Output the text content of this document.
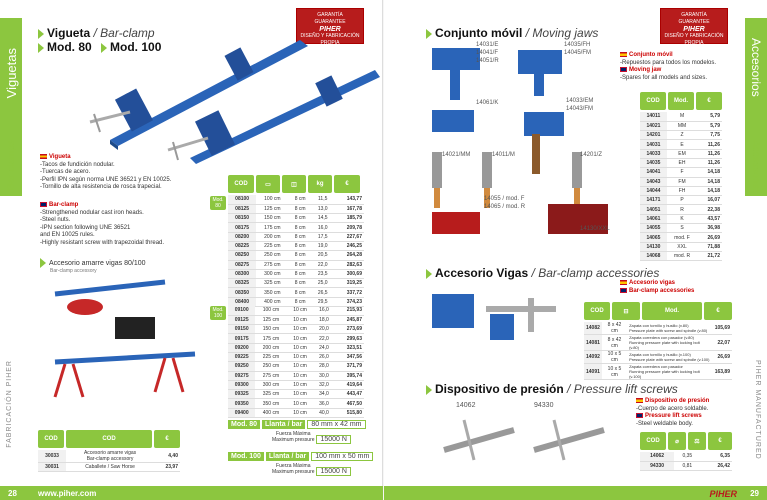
Viguetas
Bar clamps
FABRICACIÓN PIHER
Vigueta / Bar-clamp
Mod. 80 Mod. 100
GARANTÍA
GUARANTEE
PIHER
DISEÑO Y FABRICACIÓN PROPIA
MADE IN SPAIN
Vigueta
-Tacos de fundición nodular.
-Tuercas de acero.
-Perfil IPN según norma UNE 36521 y EN 10025.
-Tornillo de alta resistencia de rosca trapecial.
Bar-clamp
-Strengthened nodular cast iron heads.
-Steel nuts.
-IPN section following UNE 36521
and EN 10025 rules.
-Highly resistant screw with trapezoidal thread.
Accesorio amarre vigas 80/100
Bar-clamp accessory
COD	COD	€
30033	Accesorio amarre vigas
Bar-clamp accessory	4,40
30031	Caballete / Saw Horse	23,97
Mod. 80 Llanta / bar 80 mm x 42 mm
Fuerza Máxima
Maximum pressure 15000 N
Mod. 100 Llanta / bar 100 mm x 50 mm
Fuerza Máxima
Maximum pressure 15000 N
COD	▭	◫	kg	€
Mod. 80
Mod. 100
08100	100 cm	8 cm	11,5	143,77
08125	125 cm	8 cm	13,0	167,78
08150	150 cm	8 cm	14,5	185,79
08175	175 cm	8 cm	16,0	209,78
08200	200 cm	8 cm	17,5	227,67
08225	225 cm	8 cm	19,0	246,25
08250	250 cm	8 cm	20,5	264,28
08275	275 cm	8 cm	22,0	282,63
08300	300 cm	8 cm	23,5	300,69
08325	325 cm	8 cm	25,0	319,25
08350	350 cm	8 cm	26,5	337,72
08400	400 cm	8 cm	29,5	374,23
09100	100 cm	10 cm	16,0	215,93
09125	125 cm	10 cm	18,0	245,87
09150	150 cm	10 cm	20,0	273,69
09175	175 cm	10 cm	22,0	299,63
09200	200 cm	10 cm	24,0	323,51
09225	225 cm	10 cm	26,0	347,56
09250	250 cm	10 cm	28,0	371,79
09275	275 cm	10 cm	30,0	395,74
09300	300 cm	10 cm	32,0	419,64
09325	325 cm	10 cm	34,0	443,47
09350	350 cm	10 cm	36,0	467,50
09400	400 cm	10 cm	40,0	515,80
Accesorios
Accessories
PIHER MANUFACTURED
GARANTÍA
GUARANTEE
PIHER
DISEÑO Y FABRICACIÓN PROPIA
MADE IN SPAIN
Conjunto móvil / Moving jaws
14031/E
14041/F
14051/R
14035/FH
14045/FM
14061/K	14033/EM
14043/FM
14021/MM	14011/M	14201/Z
14055 / mod. F
14065 / mod. R
14130/XXL
Conjunto móvil
-Repuestos para todos los modelos.
Moving jaw
-Spares for all models and sizes.
COD	Mod.	€
14011	M	5,79
14021	MM	5,79
14201	Z	7,75
14031	E	11,26
14033	EM	11,26
14035	EH	11,26
14041	F	14,18
14043	FM	14,18
14044	FH	14,18
14171	P	16,07
14051	R	22,38
14061	K	43,57
14055	S	36,98
14065	mod. F	26,69
14130	XXL	71,88
14068	mod. R	21,72
Accesorio Vigas / Bar-clamp accessories
Accesorio vigas
Bar-clamp accessories
COD	⊟	Mod.	€
14082	8 x 42 cm	Zapata con tornillo y husillo (v.80)
Pressure plate with screw and spindle (v.80)	105,69
14081	8 x 42 cm	Zapata corredera con pasador (v.80)
Running pressure plate with locking bolt (v.80)	22,07
14092	10 x 5 cm	Zapata con tornillo y husillo (v.100)
Pressure plate with screw and spindle (v.100)	26,69
14091	10 x 5 cm	Zapata corredera con pasador
Running pressure plate with locking bolt (v.100)	163,89
Dispositivo de presión / Pressure lift screws
14062	94330
Dispositivo de presión
-Cuerpo de acero soldable.
Pressure lift screws
-Steel weldable body.
COD	⌀	⚖	€
14062	0,35	6,35
94330	0,81	26,42
28	www.piher.com	29
PIHER
